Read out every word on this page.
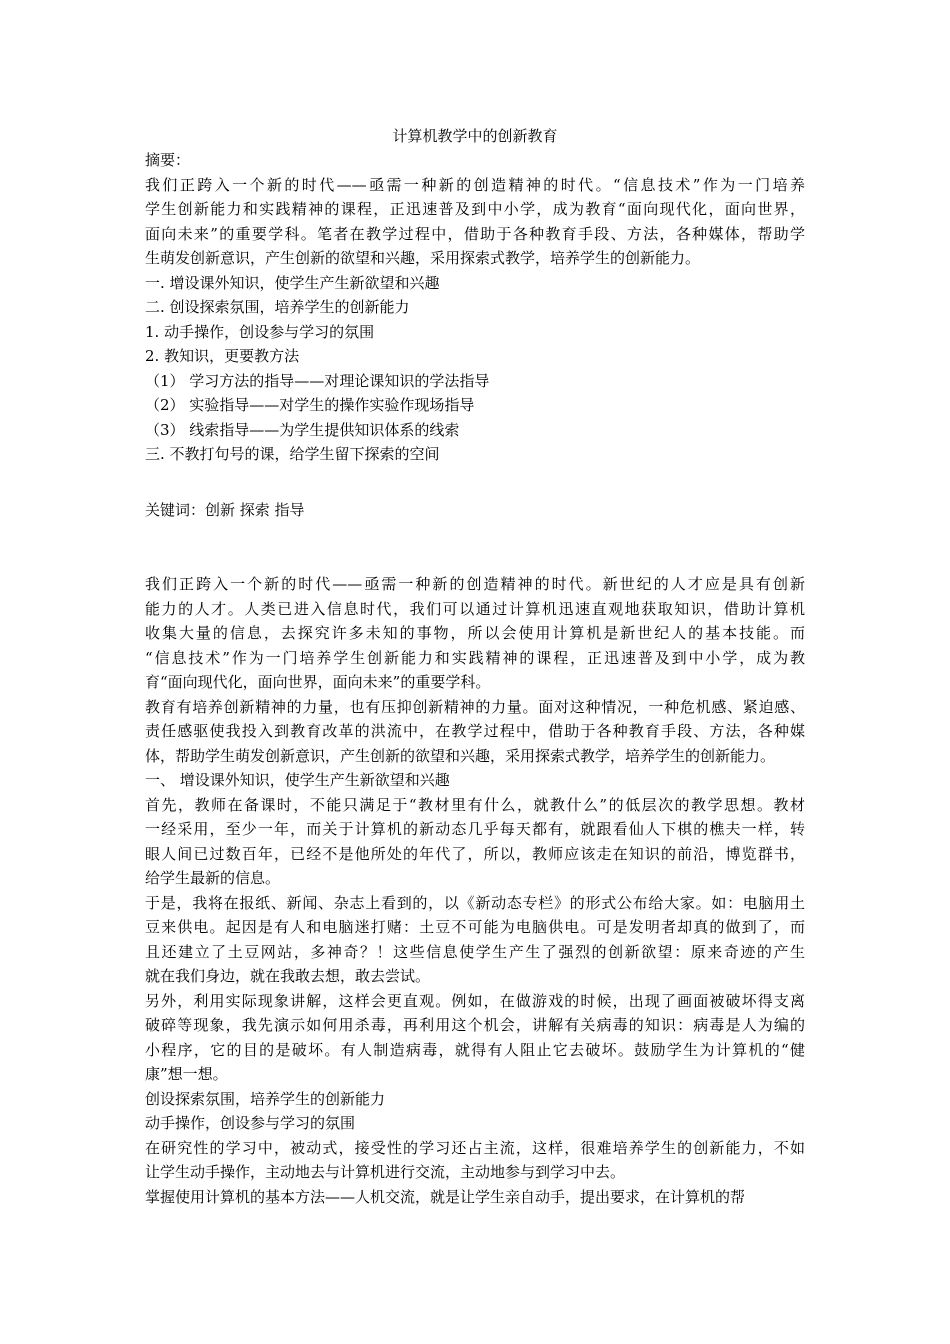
计算机教学中的创新教育
摘要：
我们正跨入一个新的时代——亟需一种新的创造精神的时代。“信息技术”作为一门培养
学生创新能力和实践精神的课程，正迅速普及到中小学，成为教育“面向现代化，面向世界，
面向未来”的重要学科。笔者在教学过程中，借助于各种教育手段、方法，各种媒体，帮助学
生萌发创新意识，产生创新的欲望和兴趣，采用探索式教学，培养学生的创新能力。
一. 增设课外知识，使学生产生新欲望和兴趣
二. 创设探索氛围，培养学生的创新能力
1. 动手操作，创设参与学习的氛围
2. 教知识，更要教方法
（1） 学习方法的指导——对理论课知识的学法指导
（2） 实验指导——对学生的操作实验作现场指导
（3） 线索指导——为学生提供知识体系的线索
三. 不教打句号的课，给学生留下探索的空间
关键词：创新 探索 指导
我们正跨入一个新的时代——亟需一种新的创造精神的时代。新世纪的人才应是具有创新
能力的人才。人类已进入信息时代，我们可以通过计算机迅速直观地获取知识，借助计算机
收集大量的信息，去探究许多未知的事物，所以会使用计算机是新世纪人的基本技能。而
“信息技术”作为一门培养学生创新能力和实践精神的课程，正迅速普及到中小学，成为教
育“面向现代化，面向世界，面向未来”的重要学科。
教育有培养创新精神的力量，也有压抑创新精神的力量。面对这种情况，一种危机感、紧迫感、
责任感驱使我投入到教育改革的洪流中，在教学过程中，借助于各种教育手段、方法，各种媒
体，帮助学生萌发创新意识，产生创新的欲望和兴趣，采用探索式教学，培养学生的创新能力。
一、 增设课外知识，使学生产生新欲望和兴趣
首先，教师在备课时，不能只满足于“教材里有什么，就教什么”的低层次的教学思想。教材
一经采用，至少一年，而关于计算机的新动态几乎每天都有，就跟看仙人下棋的樵夫一样，转
眼人间已过数百年，已经不是他所处的年代了，所以，教师应该走在知识的前沿，博览群书，
给学生最新的信息。
于是，我将在报纸、新闻、杂志上看到的，以《新动态专栏》的形式公布给大家。如：电脑用土
豆来供电。起因是有人和电脑迷打赌：土豆不可能为电脑供电。可是发明者却真的做到了，而
且还建立了土豆网站，多神奇？！这些信息使学生产生了强烈的创新欲望：原来奇迹的产生
就在我们身边，就在我敢去想，敢去尝试。
另外，利用实际现象讲解，这样会更直观。例如，在做游戏的时候，出现了画面被破坏得支离
破碎等现象，我先演示如何用杀毒，再利用这个机会，讲解有关病毒的知识：病毒是人为编的
小程序，它的目的是破坏。有人制造病毒，就得有人阻止它去破坏。鼓励学生为计算机的“健
康”想一想。
创设探索氛围，培养学生的创新能力
动手操作，创设参与学习的氛围
在研究性的学习中，被动式，接受性的学习还占主流，这样，很难培养学生的创新能力，不如
让学生动手操作，主动地去与计算机进行交流，主动地参与到学习中去。
掌握使用计算机的基本方法——人机交流，就是让学生亲自动手，提出要求，在计算机的帮
